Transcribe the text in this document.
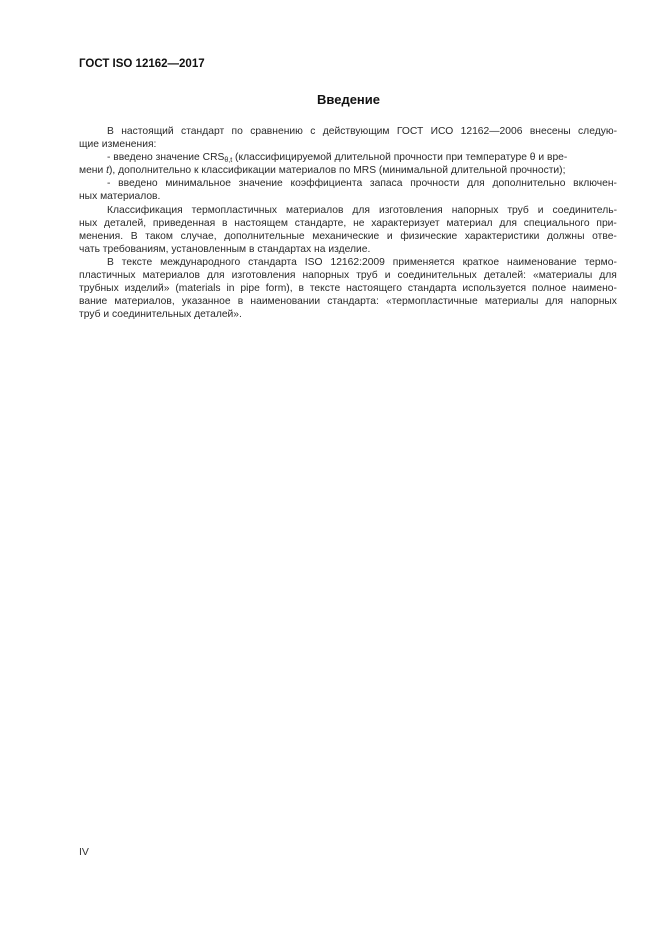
ГОСТ ISO 12162—2017
Введение
В настоящий стандарт по сравнению с действующим ГОСТ ИСО 12162—2006 внесены следую-
щие изменения:
- введено значение $CRS_{\theta,t}$ (классифицируемой длительной прочности при температуре θ и вре-
мени t), дополнительно к классификации материалов по MRS (минимальной длительной прочности);
- введено минимальное значение коэффициента запаса прочности для дополнительно включен-
ных материалов.
Классификация термопластичных материалов для изготовления напорных труб и соединитель-
ных деталей, приведенная в настоящем стандарте, не характеризует материал для специального при-
менения. В таком случае, дополнительные механические и физические характеристики должны отве-
чать требованиям, установленным в стандартах на изделие.
В тексте международного стандарта ISO 12162:2009 применяется краткое наименование термо-
пластичных материалов для изготовления напорных труб и соединительных деталей: «материалы для
трубных изделий» (materials in pipe form), в тексте настоящего стандарта используется полное наимено-
вание материалов, указанное в наименовании стандарта: «термопластичные материалы для напорных
труб и соединительных деталей».
IV
